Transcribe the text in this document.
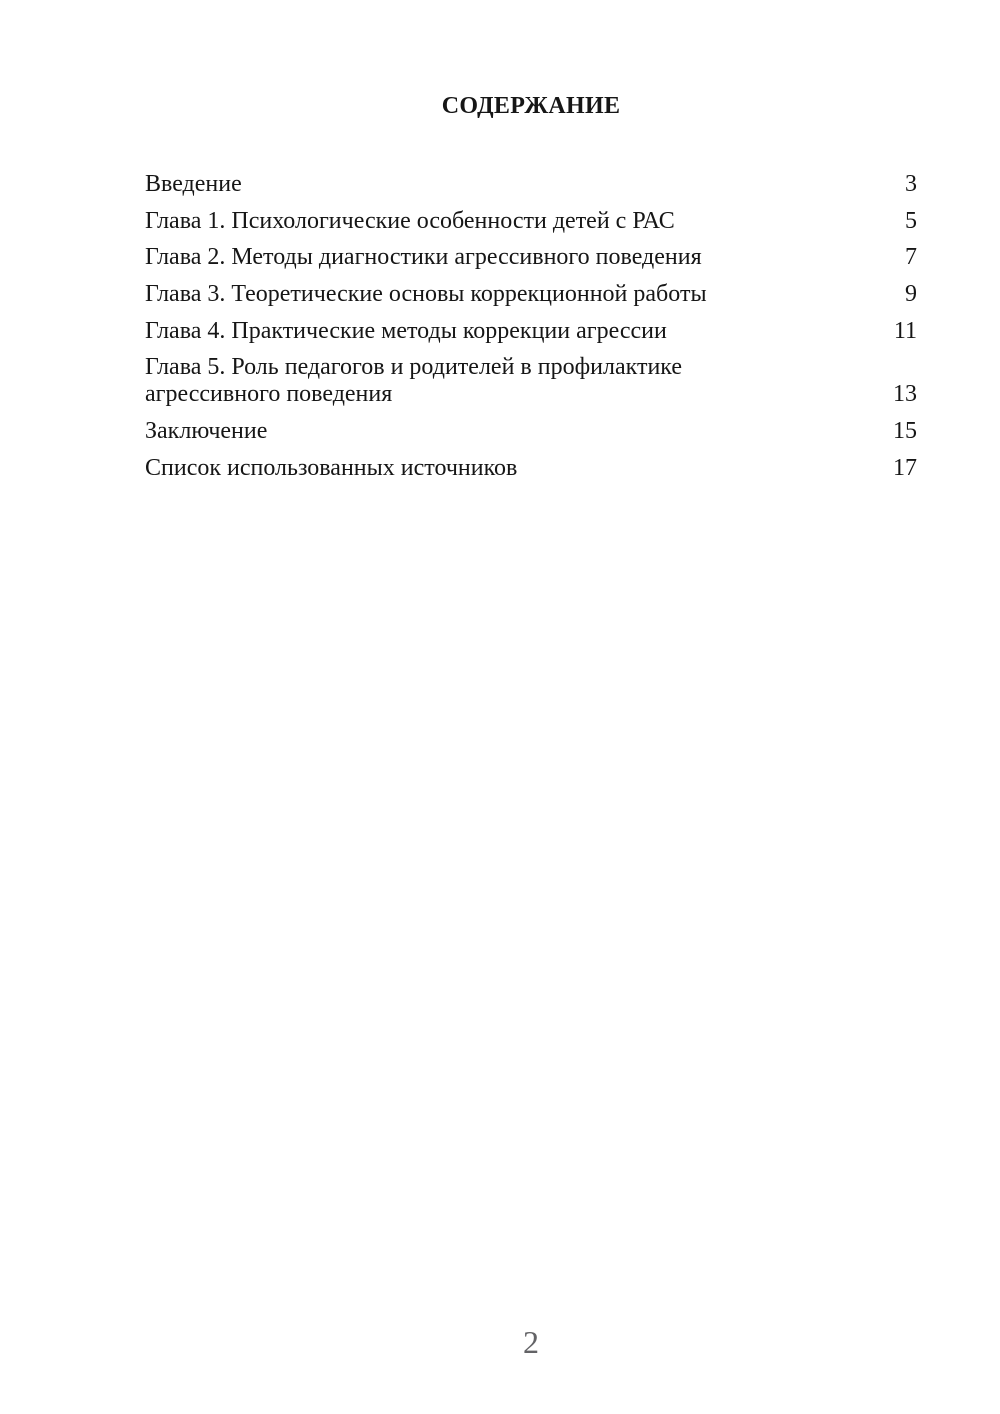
СОДЕРЖАНИЕ
Введение	3
Глава 1. Психологические особенности детей с РАС	5
Глава 2. Методы диагностики агрессивного поведения	7
Глава 3. Теоретические основы коррекционной работы	9
Глава 4. Практические методы коррекции агрессии	11
Глава 5. Роль педагогов и родителей в профилактике
агрессивного поведения	13
Заключение	15
Список использованных источников	17
2
